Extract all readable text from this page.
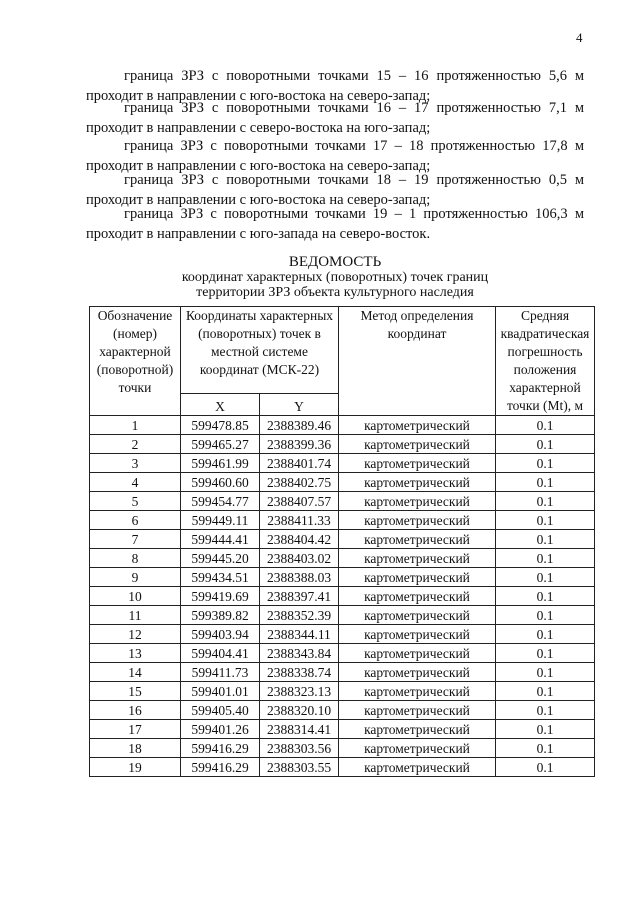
4
граница ЗРЗ с поворотными точками 15 – 16 протяженностью 5,6 м
проходит в направлении с юго-востока на северо-запад;
граница ЗРЗ с поворотными точками 16 – 17 протяженностью 7,1 м
проходит в направлении с северо-востока на юго-запад;
граница ЗРЗ с поворотными точками 17 – 18 протяженностью 17,8 м
проходит в направлении с юго-востока на северо-запад;
граница ЗРЗ с поворотными точками 18 – 19 протяженностью 0,5 м
проходит в направлении с юго-востока на северо-запад;
граница ЗРЗ с поворотными точками 19 – 1 протяженностью 106,3 м
проходит в направлении с юго-запада на северо-восток.
ВЕДОМОСТЬ
координат характерных (поворотных) точек границ
территории ЗРЗ объекта культурного наследия
Обозначение (номер) характерной (поворотной) точки	Координаты характерных (поворотных) точек в местной системе координат (МСК-22)		Метод определения координат	Средняя квадратическая погрешность положения характерной точки (Mt), м
	X	Y		
1	599478.85	2388389.46	картометрический	0.1
2	599465.27	2388399.36	картометрический	0.1
3	599461.99	2388401.74	картометрический	0.1
4	599460.60	2388402.75	картометрический	0.1
5	599454.77	2388407.57	картометрический	0.1
6	599449.11	2388411.33	картометрический	0.1
7	599444.41	2388404.42	картометрический	0.1
8	599445.20	2388403.02	картометрический	0.1
9	599434.51	2388388.03	картометрический	0.1
10	599419.69	2388397.41	картометрический	0.1
11	599389.82	2388352.39	картометрический	0.1
12	599403.94	2388344.11	картометрический	0.1
13	599404.41	2388343.84	картометрический	0.1
14	599411.73	2388338.74	картометрический	0.1
15	599401.01	2388323.13	картометрический	0.1
16	599405.40	2388320.10	картометрический	0.1
17	599401.26	2388314.41	картометрический	0.1
18	599416.29	2388303.56	картометрический	0.1
19	599416.29	2388303.55	картометрический	0.1
